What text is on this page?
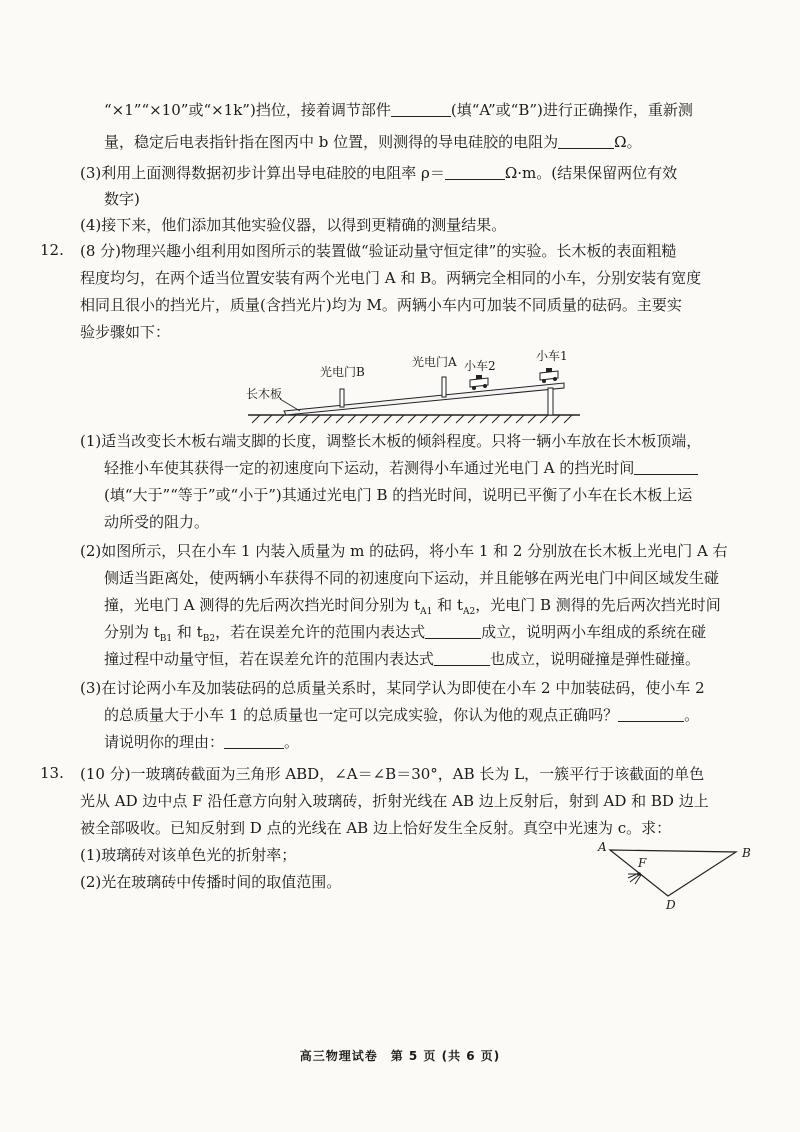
“×1”“×10”或“×1k”)挡位，接着调节部件	(填“A”或“B”)进行正确操作，重新测
量，稳定后电表指针指在图丙中 b 位置，则测得的导电硅胶的电阻为	Ω。
(3)利用上面测得数据初步计算出导电硅胶的电阻率 ρ＝	Ω·m。(结果保留两位有效
数字)
(4)接下来，他们添加其他实验仪器，以得到更精确的测量结果。
12. (8 分)物理兴趣小组利用如图所示的装置做“验证动量守恒定律”的实验。长木板的表面粗糙
程度均匀，在两个适当位置安装有两个光电门 A 和 B。两辆完全相同的小车，分别安装有宽度
相同且很小的挡光片，质量(含挡光片)均为 M。两辆小车内可加装不同质量的砝码。主要实
验步骤如下：
长木板
光电门B
光电门A 小车2
小车1
(1)适当改变长木板右端支脚的长度，调整长木板的倾斜程度。只将一辆小车放在长木板顶端，
轻推小车使其获得一定的初速度向下运动，若测得小车通过光电门 A 的挡光时间
(填“大于”“等于”或“小于”)其通过光电门 B 的挡光时间，说明已平衡了小车在长木板上运
动所受的阻力。
(2)如图所示，只在小车 1 内装入质量为 m 的砝码，将小车 1 和 2 分别放在长木板上光电门 A 右
侧适当距离处，使两辆小车获得不同的初速度向下运动，并且能够在两光电门中间区域发生碰
撞，光电门 A 测得的先后两次挡光时间分别为 $t_{A1}$ 和 $t_{A2}$，光电门 B 测得的先后两次挡光时间
分别为 $t_{B1}$ 和 $t_{B2}$，若在误差允许的范围内表达式	成立，说明两小车组成的系统在碰
撞过程中动量守恒，若在误差允许的范围内表达式	也成立，说明碰撞是弹性碰撞。
(3)在讨论两小车及加装砝码的总质量关系时，某同学认为即使在小车 2 中加装砝码，使小车 2
的总质量大于小车 1 的总质量也一定可以完成实验，你认为他的观点正确吗？	。
请说明你的理由：	。
13. (10 分)一玻璃砖截面为三角形 ABD，∠A＝∠B＝30°，AB 长为 L，一簇平行于该截面的单色
光从 AD 边中点 F 沿任意方向射入玻璃砖，折射光线在 AB 边上反射后，射到 AD 和 BD 边上
被全部吸收。已知反射到 D 点的光线在 AB 边上恰好发生全反射。真空中光速为 c。求：
(1)玻璃砖对该单色光的折射率；
(2)光在玻璃砖中传播时间的取值范围。
A	B
F
D
高三物理试卷　第 5 页 (共 6 页)
